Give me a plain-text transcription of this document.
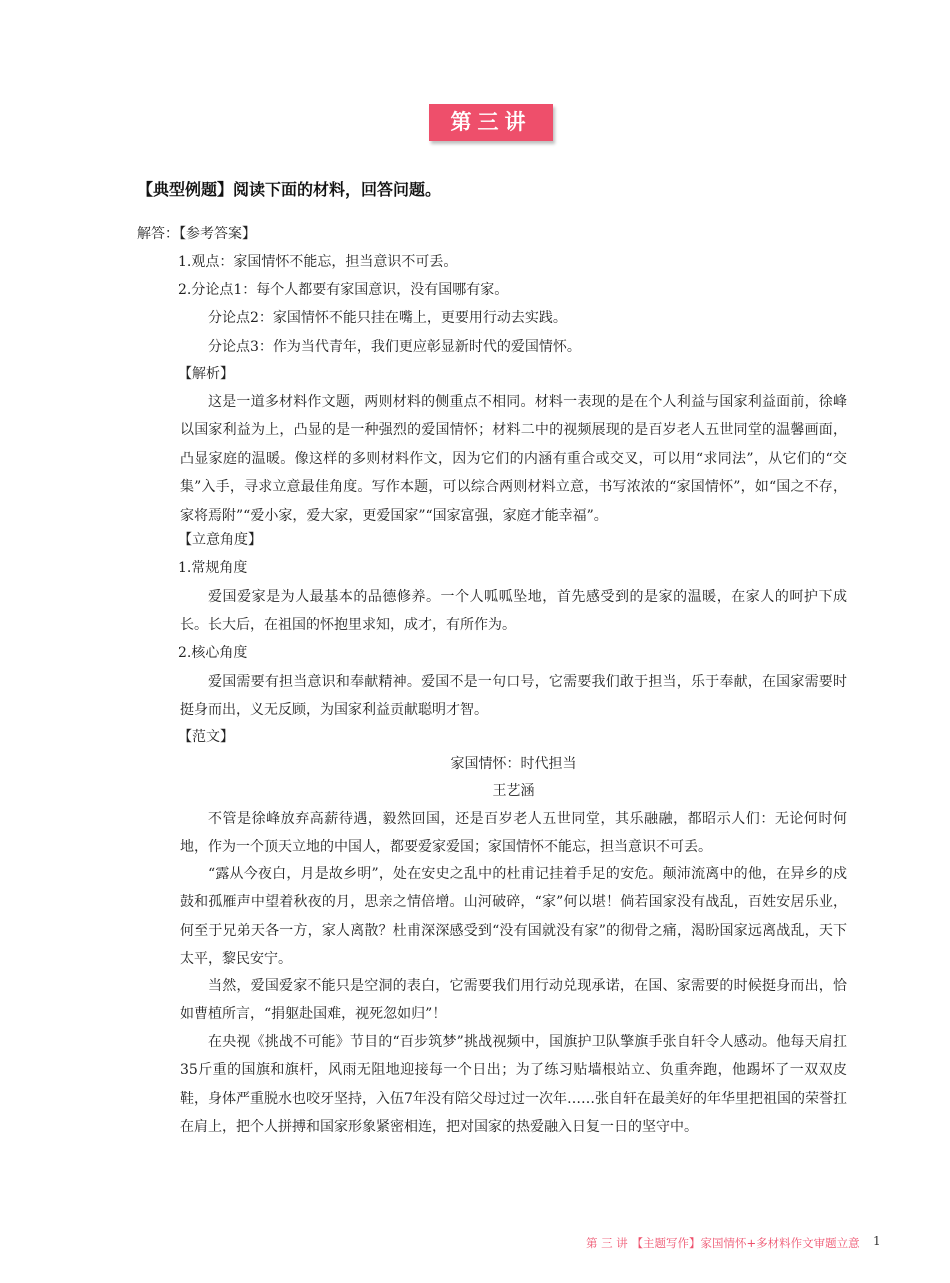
第三讲
【典型例题】阅读下面的材料，回答问题。
解答：【参考答案】
1.观点：家国情怀不能忘，担当意识不可丢。
2.分论点1：每个人都要有家国意识，没有国哪有家。
分论点2：家国情怀不能只挂在嘴上，更要用行动去实践。
分论点3：作为当代青年，我们更应彰显新时代的爱国情怀。
【解析】
这是一道多材料作文题，两则材料的侧重点不相同。材料一表现的是在个人利益与国家利益面前，徐峰以国家利益为上，凸显的是一种强烈的爱国情怀；材料二中的视频展现的是百岁老人五世同堂的温馨画面，凸显家庭的温暖。像这样的多则材料作文，因为它们的内涵有重合或交叉，可以用“求同法”，从它们的“交集”入手，寻求立意最佳角度。写作本题，可以综合两则材料立意，书写浓浓的“家国情怀”，如“国之不存，家将焉附”“爱小家，爱大家，更爱国家”“国家富强，家庭才能幸福”。
【立意角度】
1.常规角度
爱国爱家是为人最基本的品德修养。一个人呱呱坠地，首先感受到的是家的温暖，在家人的呵护下成长。长大后，在祖国的怀抱里求知，成才，有所作为。
2.核心角度
爱国需要有担当意识和奉献精神。爱国不是一句口号，它需要我们敢于担当，乐于奉献，在国家需要时挺身而出，义无反顾，为国家利益贡献聪明才智。
【范文】
家国情怀：时代担当
王艺涵
不管是徐峰放弃高薪待遇，毅然回国，还是百岁老人五世同堂，其乐融融，都昭示人们：无论何时何地，作为一个顶天立地的中国人，都要爱家爱国；家国情怀不能忘，担当意识不可丢。
“露从今夜白，月是故乡明”，处在安史之乱中的杜甫记挂着手足的安危。颠沛流离中的他，在异乡的戍鼓和孤雁声中望着秋夜的月，思亲之情倍增。山河破碎，“家”何以堪！倘若国家没有战乱，百姓安居乐业，何至于兄弟天各一方，家人离散？杜甫深深感受到“没有国就没有家”的彻骨之痛，渴盼国家远离战乱，天下太平，黎民安宁。
当然，爱国爱家不能只是空洞的表白，它需要我们用行动兑现承诺，在国、家需要的时候挺身而出，恰如曹植所言，“捐躯赴国难，视死忽如归”！
在央视《挑战不可能》节目的“百步筑梦”挑战视频中，国旗护卫队擎旗手张自轩令人感动。他每天肩扛35斤重的国旗和旗杆，风雨无阻地迎接每一个日出；为了练习贴墙根站立、负重奔跑，他踢坏了一双双皮鞋，身体严重脱水也咬牙坚持，入伍7年没有陪父母过过一次年……张自轩在最美好的年华里把祖国的荣誉扛在肩上，把个人拼搏和国家形象紧密相连，把对国家的热爱融入日复一日的坚守中。
第 三 讲 【主题写作】家国情怀+多材料作文审题立意 1
